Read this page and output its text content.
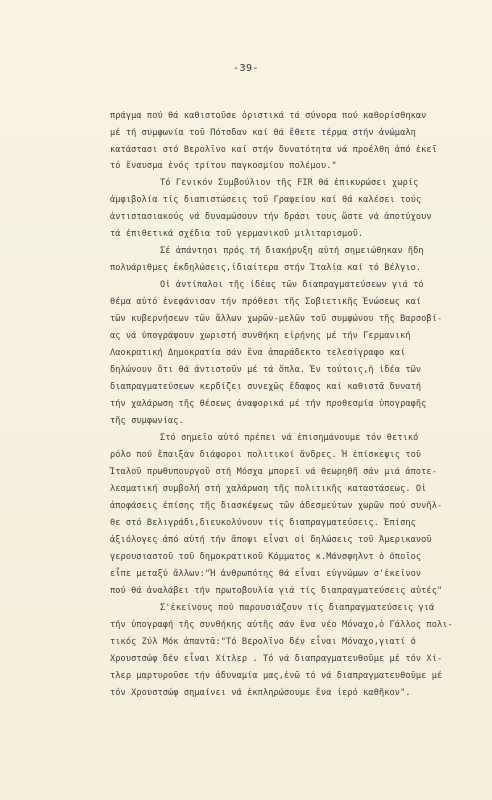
-39-
πράγμα πού θά καθιστοῦσε ὁριστικά τά σύνορα πού καθορίσθηκαν
μέ τή συμφωνία τοῦ Πότσδαν καί θά ἔθετε τέρμα στήν ἀνώμαλη
κατάστασι στό Βερολῖνο καί στήν δυνατότητα νά προέλθη ἀπό ἐκεῖ
τό ἔναυσμα ἑνός τρίτου παγκοσμίου πολέμου."
Τό Γενικόν Συμβούλιον τῆς FIR θά ἐπικυρώσει χωρίς
ἀμφιβολία τίς διαπιστώσεις τοῦ Γραφείου καί θά καλέσει τούς
ἀντιστασιακούς νά δυναμώσουν τήν δράσι τους ὥστε νά ἀποτύχουν
τά ἐπιθετικά σχέδια τοῦ γερμανικοῦ μιλιταρισμοῦ.
Σέ ἀπάντησι πρός τή διακήρυξη αὐτή σημειώθηκαν ἤδη
πολυάριθμες ἐκδηλώσεις,ἰδιαίτερα στήν Ἰταλία καί τό Βέλγιο.
Οἱ ἀντίπαλοι τῆς ἰδέας τῶν διαπραγματεύσεων γιά τό
θέμα αὐτό ἐνεφάνισαν τήν πρόθεσι τῆς Σοβιετικῆς Ἑνώσεως καί
τῶν κυβερνήσεων τῶν ἄλλων χωρῶν-μελῶν τοῦ συμφώνου τῆς Βαρσοβί-
ας νά ὑπογράψουν χωριστή συνθήκη εἰρήνης μέ τήν Γερμανική
Λαοκρατική Δημοκρατία σάν ἕνα ἀπαράδεκτο τελεσίγραφο καί
δηλώνουν ὅτι θά ἀντιστοῦν μέ τά ὅπλα. Ἐν τούτοις,ἡ ἰδέα τῶν
διαπραγματεύσεων κερδίζει συνεχῶς ἔδαφος καί καθιστᾶ δυνατή
τήν χαλάρωση τῆς θέσεως ἀναφορικά μέ τήν προθεσμία ὑπογραφῆς
τῆς συμφωνίας.
Στό σημεῖο αὐτό πρέπει νά ἐπισημάνουμε τόν θετικό
ρόλο πού ἔπαιξαν διάφοροι πολιτικοί ἄνδρες. Ἡ ἐπίσκεψις τοῦ
Ἰταλοῦ πρωθυπουργοῦ στή Μόσχα μπορεῖ νά θεωρηθῆ σάν μιά ἀποτε-
λεσματική συμβολή στή χαλάρωση τῆς πολιτικῆς καταστάσεως. Οἱ
ἀποφάσεις ἐπίσης τῆς διασκέψεως τῶν ἀδεσμεύτων χωρῶν πού συνῆλ-
θε στό Βελιγράδι,διευκολύνουν τίς διαπραγματεύσεις. Ἐπίσης
ἀξιόλογες ἀπό αὐτή τήν ἄποψι εἶναι οἱ δηλώσεις τοῦ Ἀμερικανοῦ
γερουσιαστοῦ τοῦ δημοκρατικοῦ Κόμματος κ.Μάνσφηλντ ὁ ὁποῖος
εἶπε μεταξύ ἄλλων:"Ἡ ἀνθρωπότης θά εἶναι εὐγνώμων σ'ἐκεῖνον
πού θά ἀναλάβει τήν πρωτοβουλία γιά τίς διαπραγματεύσεις αὐτές"
Σ'ἐκείνους πού παρουσιάζουν τίς διαπραγματεύσεις γιά
τήν ὑπογραφή τῆς συνθήκης αὐτῆς σάν ἕνα νέο Μόναχο,ὁ Γάλλος πολι-
τικός Ζύλ Μόκ ἀπαντᾶ:"Τό Βερολῖνο δέν εἶναι Μόναχο,γιατί ὁ
Χρουστσώφ δέν εἶναι Χίτλερ . Τό νά διαπραγματευθοῦμε μέ τόν Χί-
τλερ μαρτυροῦσε τήν ἀδυναμία μας,ἐνῶ τό νά διαπραγματευθοῦμε μέ
τόν Χρουστσώφ σημαίνει νά ἐκπληρώσουμε ἕνα ἱερό καθῆκον".
